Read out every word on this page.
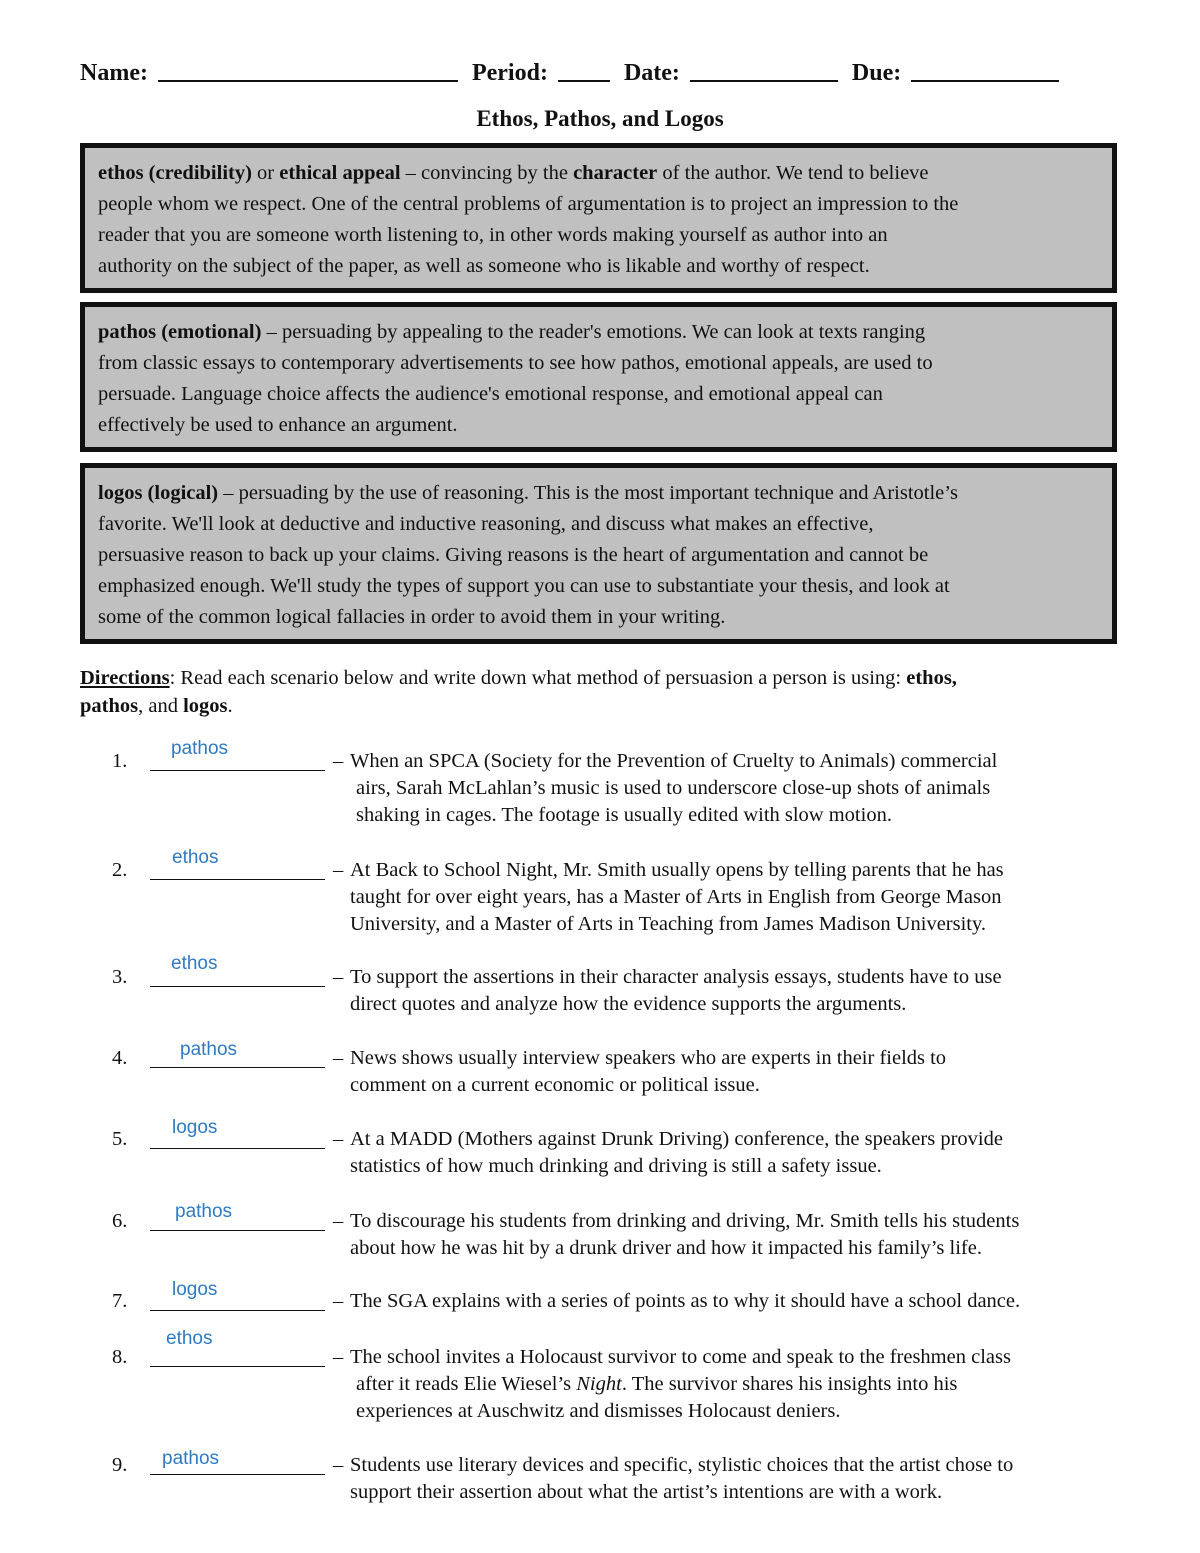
Name:	Period:	Date:	Due:
Ethos, Pathos, and Logos
ethos (credibility) or ethical appeal – convincing by the character of the author. We tend to believe
people whom we respect. One of the central problems of argumentation is to project an impression to the
reader that you are someone worth listening to, in other words making yourself as author into an
authority on the subject of the paper, as well as someone who is likable and worthy of respect.
pathos (emotional) – persuading by appealing to the reader's emotions. We can look at texts ranging
from classic essays to contemporary advertisements to see how pathos, emotional appeals, are used to
persuade. Language choice affects the audience's emotional response, and emotional appeal can
effectively be used to enhance an argument.
logos (logical) – persuading by the use of reasoning. This is the most important technique and Aristotle’s
favorite. We'll look at deductive and inductive reasoning, and discuss what makes an effective,
persuasive reason to back up your claims. Giving reasons is the heart of argumentation and cannot be
emphasized enough. We'll study the types of support you can use to substantiate your thesis, and look at
some of the common logical fallacies in order to avoid them in your writing.
Directions: Read each scenario below and write down what method of persuasion a person is using: ethos,
pathos, and logos.
pathos
1.	– When an SPCA (Society for the Prevention of Cruelty to Animals) commercial
airs, Sarah McLahlan’s music is used to underscore close-up shots of animals
shaking in cages. The footage is usually edited with slow motion.
ethos
2.	– At Back to School Night, Mr. Smith usually opens by telling parents that he has
taught for over eight years, has a Master of Arts in English from George Mason
University, and a Master of Arts in Teaching from James Madison University.
ethos
3.	– To support the assertions in their character analysis essays, students have to use
direct quotes and analyze how the evidence supports the arguments.
pathos
4.	– News shows usually interview speakers who are experts in their fields to
comment on a current economic or political issue.
logos
5.	– At a MADD (Mothers against Drunk Driving) conference, the speakers provide
statistics of how much drinking and driving is still a safety issue.
pathos
6.	– To discourage his students from drinking and driving, Mr. Smith tells his students
about how he was hit by a drunk driver and how it impacted his family’s life.
logos
7.	– The SGA explains with a series of points as to why it should have a school dance.
ethos
8.	– The school invites a Holocaust survivor to come and speak to the freshmen class
after it reads Elie Wiesel’s Night. The survivor shares his insights into his
experiences at Auschwitz and dismisses Holocaust deniers.
pathos
9.	– Students use literary devices and specific, stylistic choices that the artist chose to
support their assertion about what the artist’s intentions are with a work.
